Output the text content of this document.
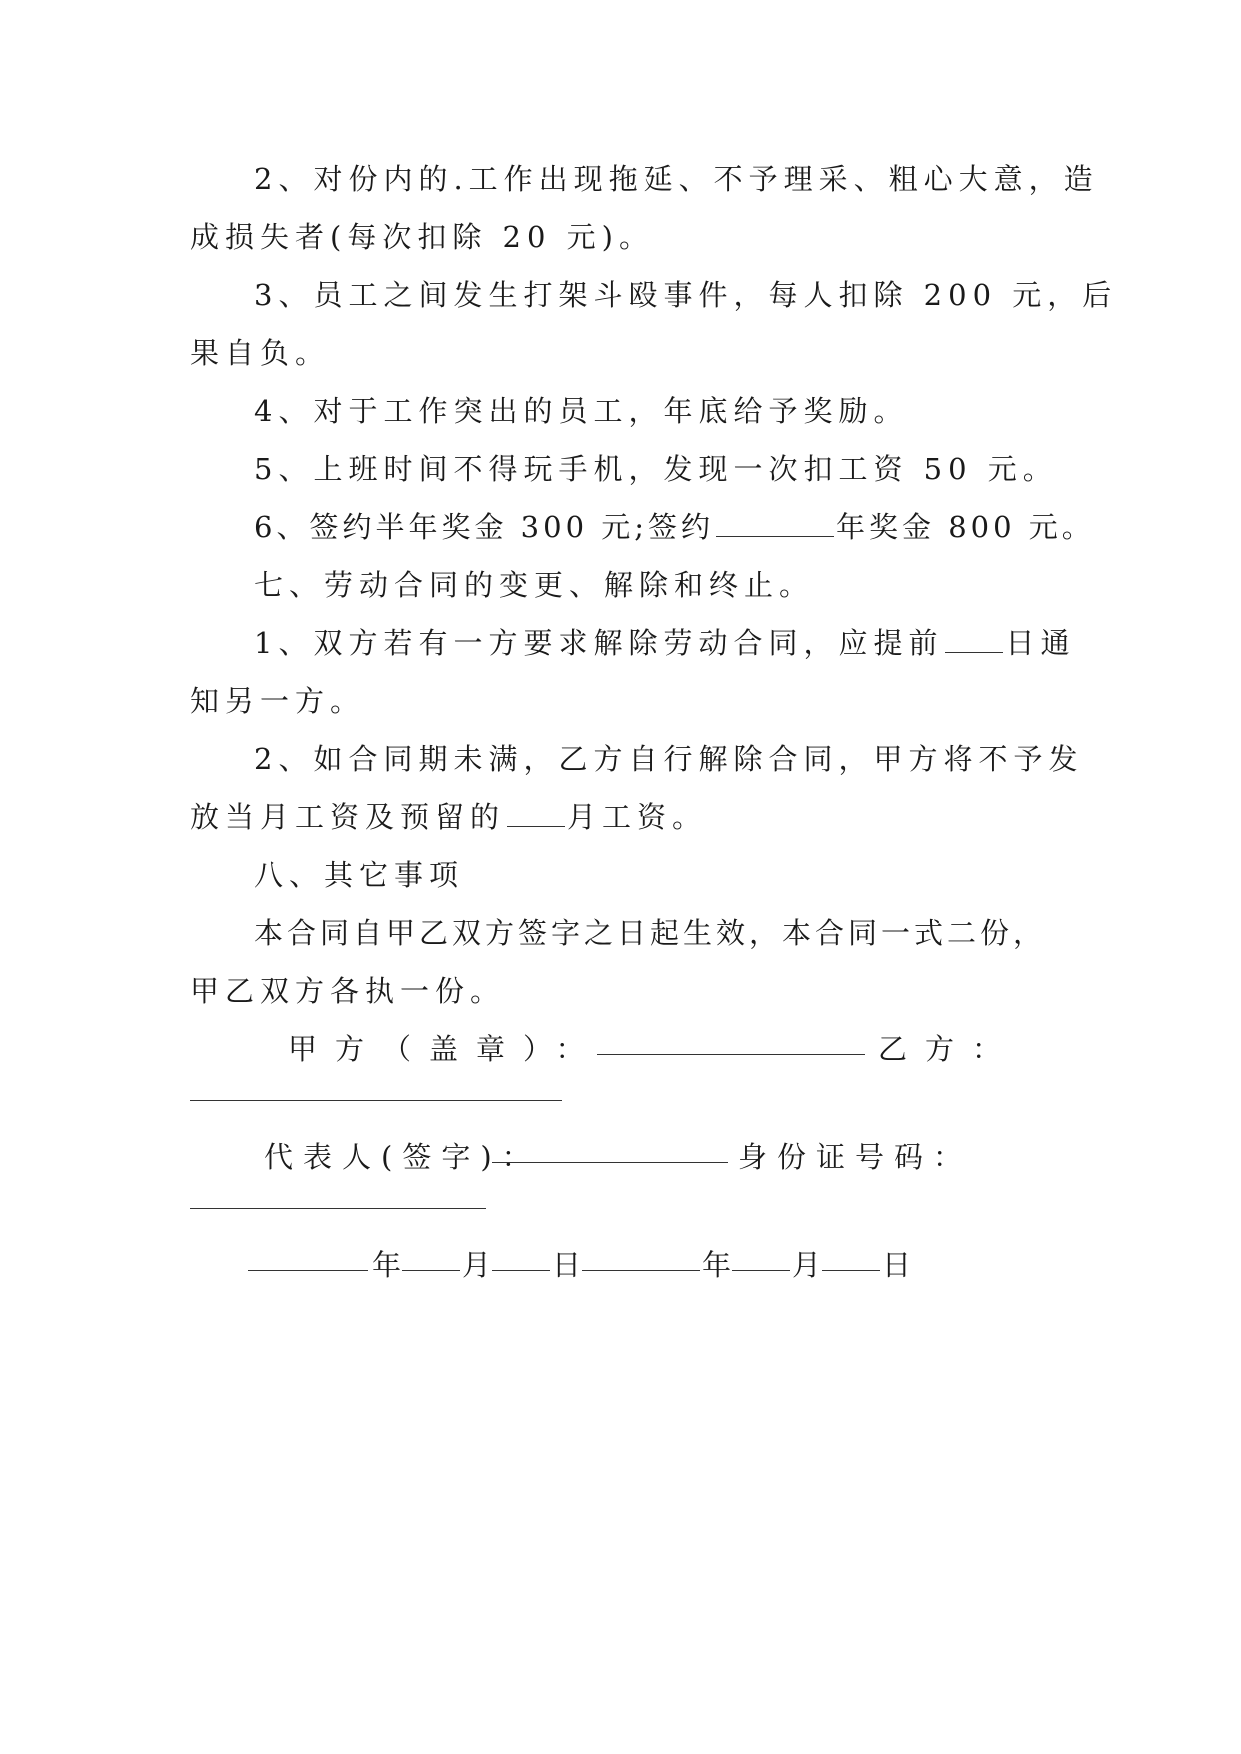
2、对份内的.工作出现拖延、不予理采、粗心大意，造
成损失者(每次扣除 20 元)。
3、员工之间发生打架斗殴事件，每人扣除 200 元，后
果自负。
4、对于工作突出的员工，年底给予奖励。
5、上班时间不得玩手机，发现一次扣工资 50 元。
6、签约半年奖金 300 元;签约	年奖金 800 元。
七、劳动合同的变更、解除和终止。
1、双方若有一方要求解除劳动合同，应提前 日通
知另一方。
2、如合同期未满，乙方自行解除合同，甲方将不予发
放当月工资及预留的 月工资。
八、其它事项
本合同自甲乙双方签字之日起生效，本合同一式二份，
甲乙双方各执一份。
甲方（盖章）：	乙方：
代表人(签字)：	身份证号码：
年 月 日	年 月 日
